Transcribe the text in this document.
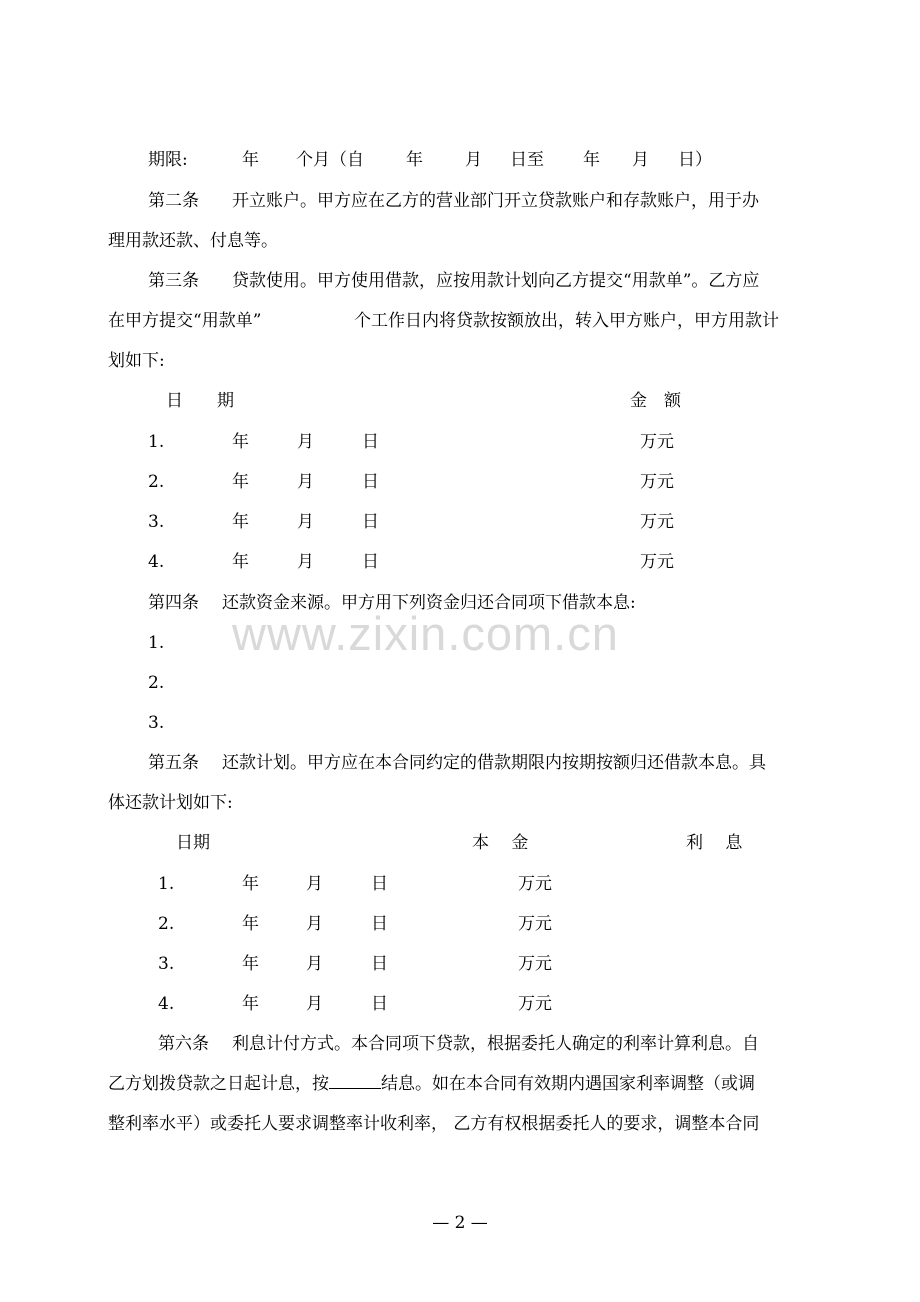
期限:	年 个月（自 年 月 日至 年 月 日）
第二条 开立账户。甲方应在乙方的营业部门开立贷款账户和存款账户，用于办
理用款还款、付息等。
第三条 贷款使用。甲方使用借款，应按用款计划向乙方提交“用款单”。乙方应
在甲方提交“用款单”	个工作日内将贷款按额放出，转入甲方账户，甲方用款计
划如下:
日　　期	金　额
1.	年	月	日	万元
2.	年	月	日	万元
3.	年	月	日	万元
4.	年	月	日	万元
第四条 还款资金来源。甲方用下列资金归还合同项下借款本息:
1.
2.
3.
www.zixin.com.cn
第五条 还款计划。甲方应在本合同约定的借款期限内按期按额归还借款本息。具
体还款计划如下:
日期	本　 金	利　 息
1.	年	月	日	万元
2.	年	月	日	万元
3.	年	月	日	万元
4.	年	月	日	万元
第六条 利息计付方式。本合同项下贷款，根据委托人确定的利率计算利息。自
乙方划拨贷款之日起计息，按	结息。如在本合同有效期内遇国家利率调整（或调
整利率水平）或委托人要求调整率计收利率， 乙方有权根据委托人的要求，调整本合同
— 2 —
